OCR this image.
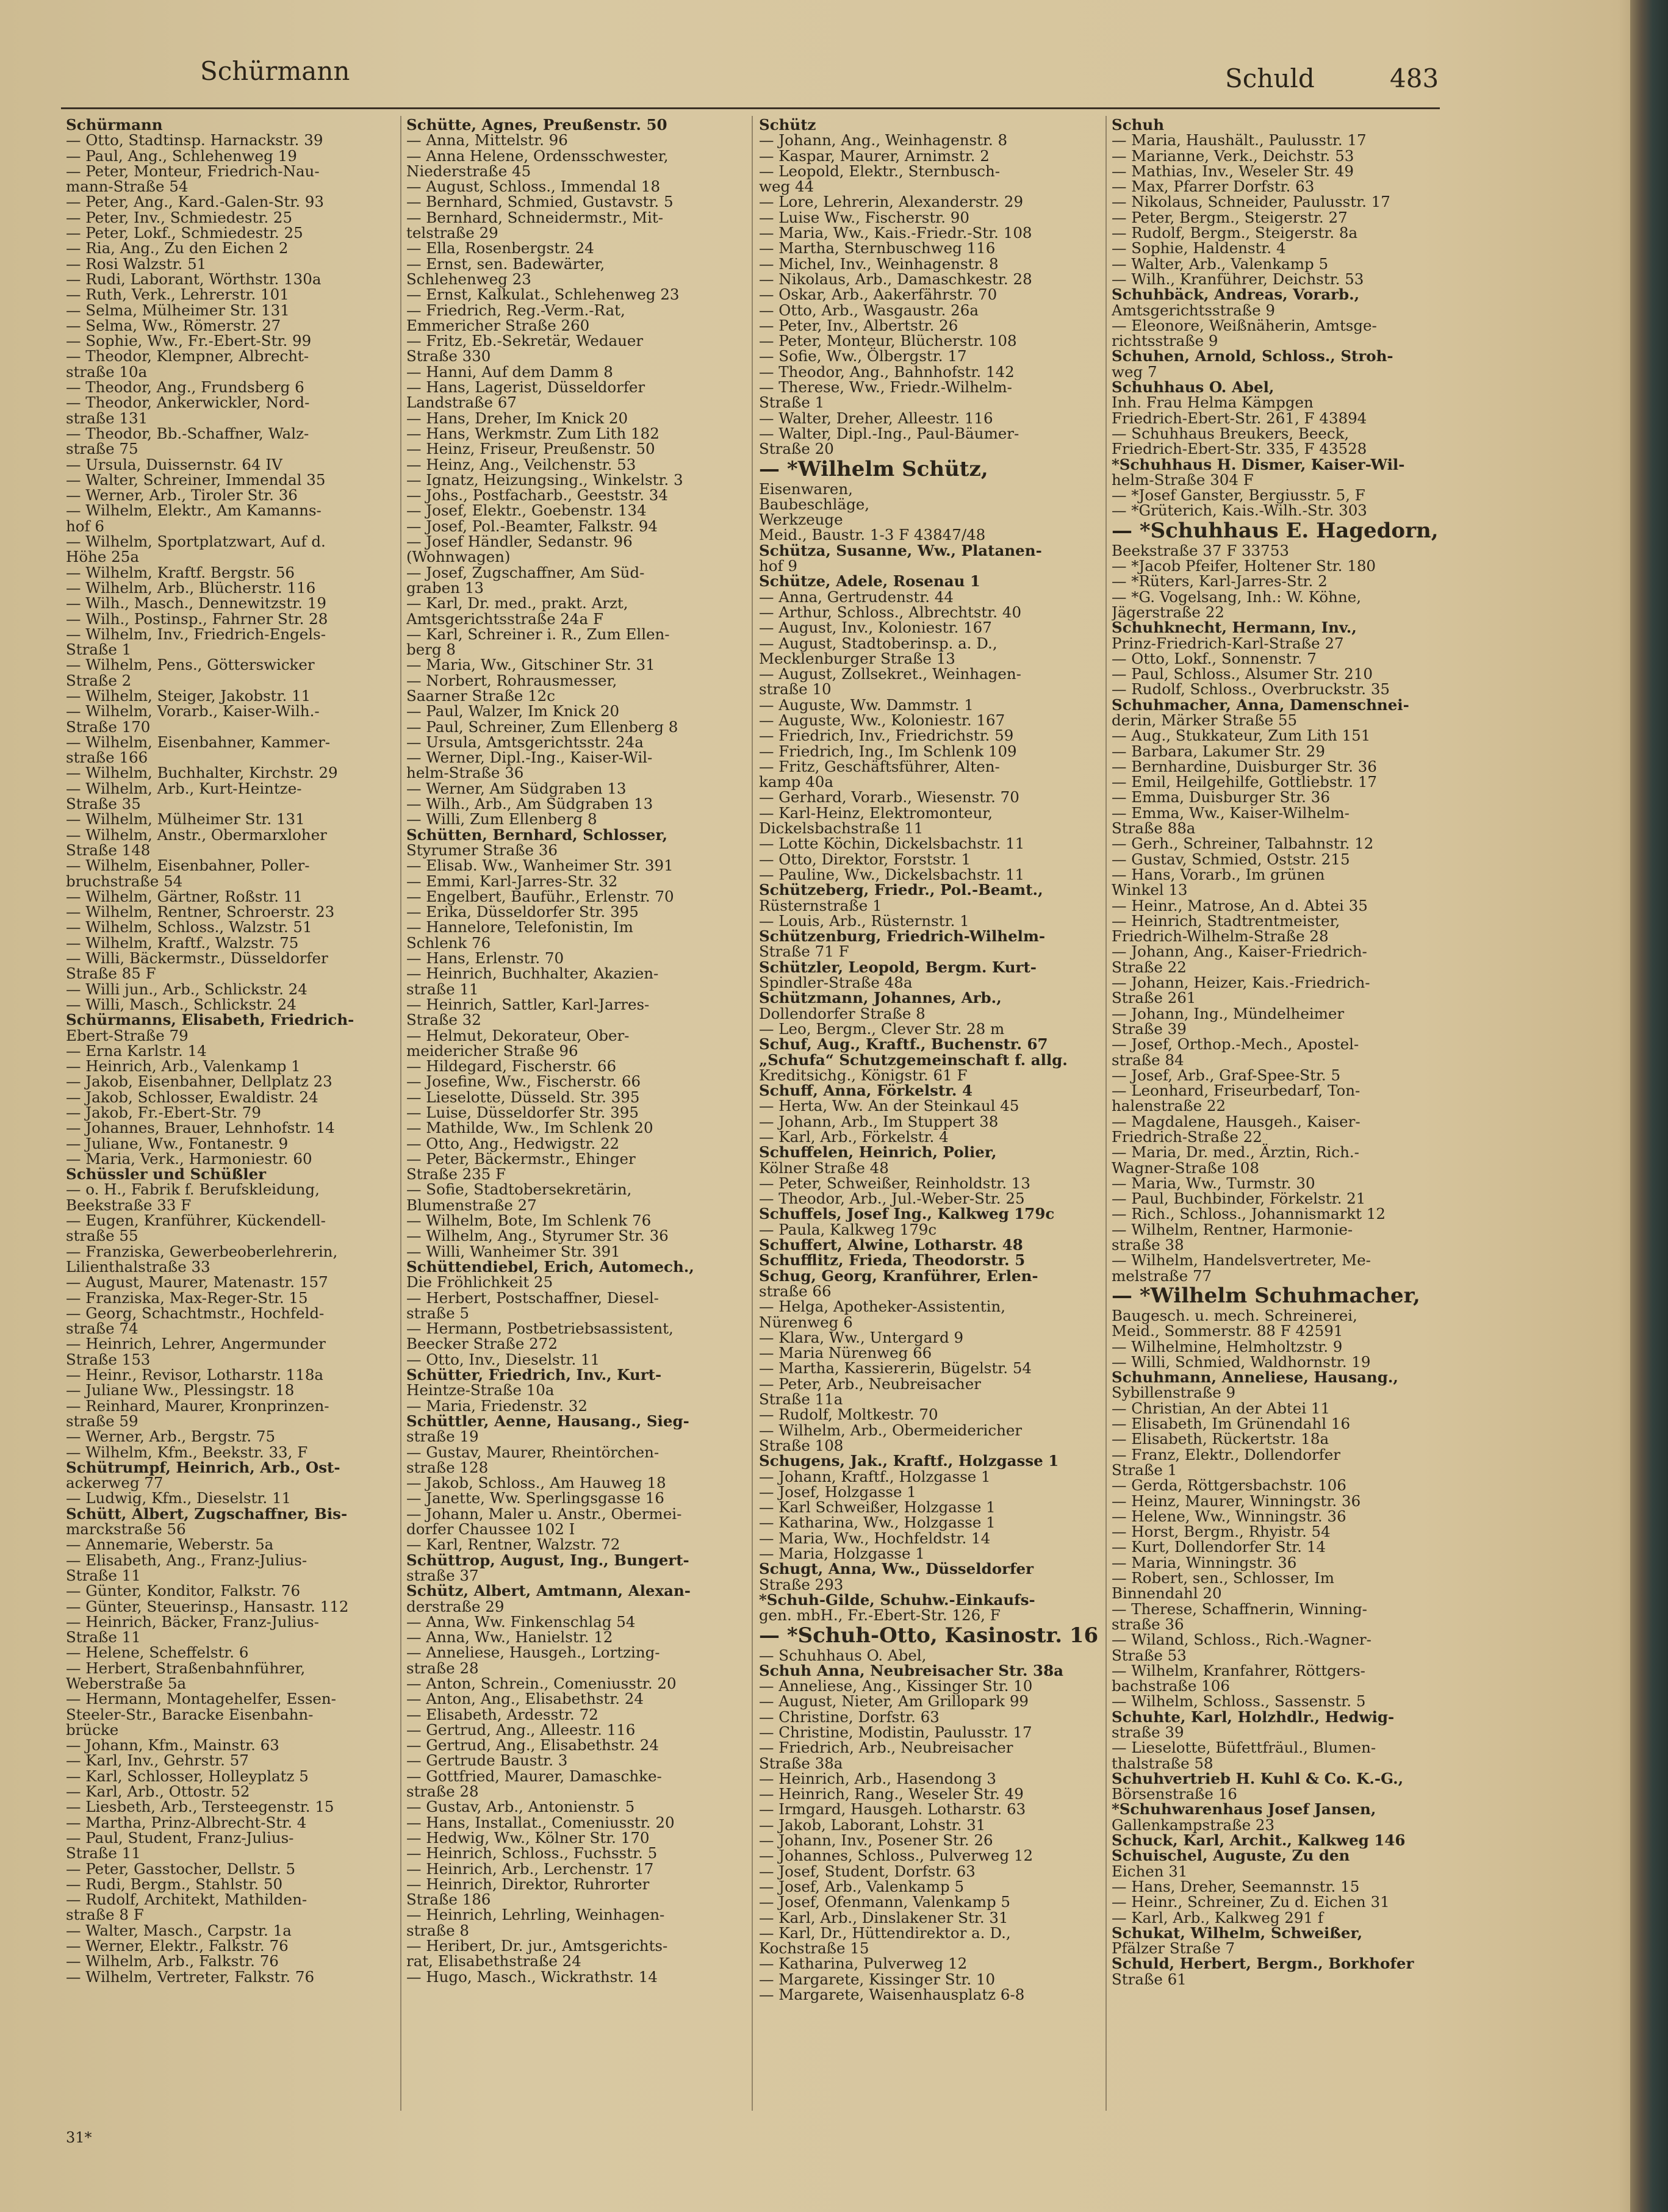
Schürmann	Schuld	483
Schürmann
— Otto, Stadtinsp. Harnackstr. 39
— Paul, Ang., Schlehenweg 19
— Peter, Monteur, Friedrich-Nau-
mann-Straße 54
— Peter, Ang., Kard.-Galen-Str. 93
— Peter, Inv., Schmiedestr. 25
— Peter, Lokf., Schmiedestr. 25
— Ria, Ang., Zu den Eichen 2
— Rosi Walzstr. 51
— Rudi, Laborant, Wörthstr. 130a
— Ruth, Verk., Lehrerstr. 101
— Selma, Mülheimer Str. 131
— Selma, Ww., Römerstr. 27
— Sophie, Ww., Fr.-Ebert-Str. 99
— Theodor, Klempner, Albrecht-
straße 10a
— Theodor, Ang., Frundsberg 6
— Theodor, Ankerwickler, Nord-
straße 131
— Theodor, Bb.-Schaffner, Walz-
straße 75
— Ursula, Duissernstr. 64 IV
— Walter, Schreiner, Immendal 35
— Werner, Arb., Tiroler Str. 36
— Wilhelm, Elektr., Am Kamanns-
hof 6
— Wilhelm, Sportplatzwart, Auf d.
Höhe 25a
— Wilhelm, Kraftf. Bergstr. 56
— Wilhelm, Arb., Blücherstr. 116
— Wilh., Masch., Dennewitzstr. 19
— Wilh., Postinsp., Fahrner Str. 28
— Wilhelm, Inv., Friedrich-Engels-
Straße 1
— Wilhelm, Pens., Götterswicker
Straße 2
— Wilhelm, Steiger, Jakobstr. 11
— Wilhelm, Vorarb., Kaiser-Wilh.-
Straße 170
— Wilhelm, Eisenbahner, Kammer-
straße 166
— Wilhelm, Buchhalter, Kirchstr. 29
— Wilhelm, Arb., Kurt-Heintze-
Straße 35
— Wilhelm, Mülheimer Str. 131
— Wilhelm, Anstr., Obermarxloher
Straße 148
— Wilhelm, Eisenbahner, Poller-
bruchstraße 54
— Wilhelm, Gärtner, Roßstr. 11
— Wilhelm, Rentner, Schroerstr. 23
— Wilhelm, Schloss., Walzstr. 51
— Wilhelm, Kraftf., Walzstr. 75
— Willi, Bäckermstr., Düsseldorfer
Straße 85 F
— Willi jun., Arb., Schlickstr. 24
— Willi, Masch., Schlickstr. 24
Schürmanns, Elisabeth, Friedrich-
Ebert-Straße 79
— Erna Karlstr. 14
— Heinrich, Arb., Valenkamp 1
— Jakob, Eisenbahner, Dellplatz 23
— Jakob, Schlosser, Ewaldistr. 24
— Jakob, Fr.-Ebert-Str. 79
— Johannes, Brauer, Lehnhofstr. 14
— Juliane, Ww., Fontanestr. 9
— Maria, Verk., Harmoniestr. 60
Schüssler und Schüßler
— o. H., Fabrik f. Berufskleidung,
Beekstraße 33 F
— Eugen, Kranführer, Kückendell-
straße 55
— Franziska, Gewerbeoberlehrerin,
Lilienthalstraße 33
— August, Maurer, Matenastr. 157
— Franziska, Max-Reger-Str. 15
— Georg, Schachtmstr., Hochfeld-
straße 74
— Heinrich, Lehrer, Angermunder
Straße 153
— Heinr., Revisor, Lotharstr. 118a
— Juliane Ww., Plessingstr. 18
— Reinhard, Maurer, Kronprinzen-
straße 59
— Werner, Arb., Bergstr. 75
— Wilhelm, Kfm., Beekstr. 33, F
Schütrumpf, Heinrich, Arb., Ost-
ackerweg 77
— Ludwig, Kfm., Dieselstr. 11
Schütt, Albert, Zugschaffner, Bis-
marckstraße 56
— Annemarie, Weberstr. 5a
— Elisabeth, Ang., Franz-Julius-
Straße 11
— Günter, Konditor, Falkstr. 76
— Günter, Steuerinsp., Hansastr. 112
— Heinrich, Bäcker, Franz-Julius-
Straße 11
— Helene, Scheffelstr. 6
— Herbert, Straßenbahnführer,
Weberstraße 5a
— Hermann, Montagehelfer, Essen-
Steeler-Str., Baracke Eisenbahn-
brücke
— Johann, Kfm., Mainstr. 63
— Karl, Inv., Gehrstr. 57
— Karl, Schlosser, Holleyplatz 5
— Karl, Arb., Ottostr. 52
— Liesbeth, Arb., Tersteegenstr. 15
— Martha, Prinz-Albrecht-Str. 4
— Paul, Student, Franz-Julius-
Straße 11
— Peter, Gasstocher, Dellstr. 5
— Rudi, Bergm., Stahlstr. 50
— Rudolf, Architekt, Mathilden-
straße 8 F
— Walter, Masch., Carpstr. 1a
— Werner, Elektr., Falkstr. 76
— Wilhelm, Arb., Falkstr. 76
— Wilhelm, Vertreter, Falkstr. 76
Schütte, Agnes, Preußenstr. 50
— Anna, Mittelstr. 96
— Anna Helene, Ordensschwester,
Niederstraße 45
— August, Schloss., Immendal 18
— Bernhard, Schmied, Gustavstr. 5
— Bernhard, Schneidermstr., Mit-
telstraße 29
— Ella, Rosenbergstr. 24
— Ernst, sen. Badewärter,
Schlehenweg 23
— Ernst, Kalkulat., Schlehenweg 23
— Friedrich, Reg.-Verm.-Rat,
Emmericher Straße 260
— Fritz, Eb.-Sekretär, Wedauer
Straße 330
— Hanni, Auf dem Damm 8
— Hans, Lagerist, Düsseldorfer
Landstraße 67
— Hans, Dreher, Im Knick 20
— Hans, Werkmstr. Zum Lith 182
— Heinz, Friseur, Preußenstr. 50
— Heinz, Ang., Veilchenstr. 53
— Ignatz, Heizungsing., Winkelstr. 3
— Johs., Postfacharb., Geeststr. 34
— Josef, Elektr., Goebenstr. 134
— Josef, Pol.-Beamter, Falkstr. 94
— Josef Händler, Sedanstr. 96
(Wohnwagen)
— Josef, Zugschaffner, Am Süd-
graben 13
— Karl, Dr. med., prakt. Arzt,
Amtsgerichtsstraße 24a F
— Karl, Schreiner i. R., Zum Ellen-
berg 8
— Maria, Ww., Gitschiner Str. 31
— Norbert, Rohrausmesser,
Saarner Straße 12c
— Paul, Walzer, Im Knick 20
— Paul, Schreiner, Zum Ellenberg 8
— Ursula, Amtsgerichtsstr. 24a
— Werner, Dipl.-Ing., Kaiser-Wil-
helm-Straße 36
— Werner, Am Südgraben 13
— Wilh., Arb., Am Südgraben 13
— Willi, Zum Ellenberg 8
Schütten, Bernhard, Schlosser,
Styrumer Straße 36
— Elisab. Ww., Wanheimer Str. 391
— Emmi, Karl-Jarres-Str. 32
— Engelbert, Bauführ., Erlenstr. 70
— Erika, Düsseldorfer Str. 395
— Hannelore, Telefonistin, Im
Schlenk 76
— Hans, Erlenstr. 70
— Heinrich, Buchhalter, Akazien-
straße 11
— Heinrich, Sattler, Karl-Jarres-
Straße 32
— Helmut, Dekorateur, Ober-
meidericher Straße 96
— Hildegard, Fischerstr. 66
— Josefine, Ww., Fischerstr. 66
— Lieselotte, Düsseld. Str. 395
— Luise, Düsseldorfer Str. 395
— Mathilde, Ww., Im Schlenk 20
— Otto, Ang., Hedwigstr. 22
— Peter, Bäckermstr., Ehinger
Straße 235 F
— Sofie, Stadtobersekretärin,
Blumenstraße 27
— Wilhelm, Bote, Im Schlenk 76
— Wilhelm, Ang., Styrumer Str. 36
— Willi, Wanheimer Str. 391
Schüttendiebel, Erich, Automech.,
Die Fröhlichkeit 25
— Herbert, Postschaffner, Diesel-
straße 5
— Hermann, Postbetriebsassistent,
Beecker Straße 272
— Otto, Inv., Dieselstr. 11
Schütter, Friedrich, Inv., Kurt-
Heintze-Straße 10a
— Maria, Friedenstr. 32
Schüttler, Aenne, Hausang., Sieg-
straße 19
— Gustav, Maurer, Rheintörchen-
straße 128
— Jakob, Schloss., Am Hauweg 18
— Janette, Ww. Sperlingsgasse 16
— Johann, Maler u. Anstr., Obermei-
dorfer Chaussee 102 I
— Karl, Rentner, Walzstr. 72
Schüttrop, August, Ing., Bungert-
straße 37
Schütz, Albert, Amtmann, Alexan-
derstraße 29
— Anna, Ww. Finkenschlag 54
— Anna, Ww., Hanielstr. 12
— Anneliese, Hausgeh., Lortzing-
straße 28
— Anton, Schrein., Comeniusstr. 20
— Anton, Ang., Elisabethstr. 24
— Elisabeth, Ardesstr. 72
— Gertrud, Ang., Alleestr. 116
— Gertrud, Ang., Elisabethstr. 24
— Gertrude Baustr. 3
— Gottfried, Maurer, Damaschke-
straße 28
— Gustav, Arb., Antonienstr. 5
— Hans, Installat., Comeniusstr. 20
— Hedwig, Ww., Kölner Str. 170
— Heinrich, Schloss., Fuchsstr. 5
— Heinrich, Arb., Lerchenstr. 17
— Heinrich, Direktor, Ruhrorter
Straße 186
— Heinrich, Lehrling, Weinhagen-
straße 8
— Heribert, Dr. jur., Amtsgerichts-
rat, Elisabethstraße 24
— Hugo, Masch., Wickrathstr. 14
Schütz
— Johann, Ang., Weinhagenstr. 8
— Kaspar, Maurer, Arnimstr. 2
— Leopold, Elektr., Sternbusch-
weg 44
— Lore, Lehrerin, Alexanderstr. 29
— Luise Ww., Fischerstr. 90
— Maria, Ww., Kais.-Friedr.-Str. 108
— Martha, Sternbuschweg 116
— Michel, Inv., Weinhagenstr. 8
— Nikolaus, Arb., Damaschkestr. 28
— Oskar, Arb., Aakerfährstr. 70
— Otto, Arb., Wasgaustr. 26a
— Peter, Inv., Albertstr. 26
— Peter, Monteur, Blücherstr. 108
— Sofie, Ww., Ölbergstr. 17
— Theodor, Ang., Bahnhofstr. 142
— Therese, Ww., Friedr.-Wilhelm-
Straße 1
— Walter, Dreher, Alleestr. 116
— Walter, Dipl.-Ing., Paul-Bäumer-
Straße 20
— *Wilhelm Schütz,
Eisenwaren,
Baubeschläge,
Werkzeuge
Meid., Baustr. 1-3 F 43847/48
Schütza, Susanne, Ww., Platanen-
hof 9
Schütze, Adele, Rosenau 1
— Anna, Gertrudenstr. 44
— Arthur, Schloss., Albrechtstr. 40
— August, Inv., Koloniestr. 167
— August, Stadtoberinsp. a. D.,
Mecklenburger Straße 13
— August, Zollsekret., Weinhagen-
straße 10
— Auguste, Ww. Dammstr. 1
— Auguste, Ww., Koloniestr. 167
— Friedrich, Inv., Friedrichstr. 59
— Friedrich, Ing., Im Schlenk 109
— Fritz, Geschäftsführer, Alten-
kamp 40a
— Gerhard, Vorarb., Wiesenstr. 70
— Karl-Heinz, Elektromonteur,
Dickelsbachstraße 11
— Lotte Köchin, Dickelsbachstr. 11
— Otto, Direktor, Forststr. 1
— Pauline, Ww., Dickelsbachstr. 11
Schützeberg, Friedr., Pol.-Beamt.,
Rüsternstraße 1
— Louis, Arb., Rüsternstr. 1
Schützenburg, Friedrich-Wilhelm-
Straße 71 F
Schützler, Leopold, Bergm. Kurt-
Spindler-Straße 48a
Schützmann, Johannes, Arb.,
Dollendorfer Straße 8
— Leo, Bergm., Clever Str. 28 m
Schuf, Aug., Kraftf., Buchenstr. 67
„Schufa“ Schutzgemeinschaft f. allg.
Kreditsichg., Königstr. 61 F
Schuff, Anna, Förkelstr. 4
— Herta, Ww. An der Steinkaul 45
— Johann, Arb., Im Stuppert 38
— Karl, Arb., Förkelstr. 4
Schuffelen, Heinrich, Polier,
Kölner Straße 48
— Peter, Schweißer, Reinholdstr. 13
— Theodor, Arb., Jul.-Weber-Str. 25
Schuffels, Josef Ing., Kalkweg 179c
— Paula, Kalkweg 179c
Schuffert, Alwine, Lotharstr. 48
Schufflitz, Frieda, Theodorstr. 5
Schug, Georg, Kranführer, Erlen-
straße 66
— Helga, Apotheker-Assistentin,
Nürenweg 6
— Klara, Ww., Untergard 9
— Maria Nürenweg 66
— Martha, Kassiererin, Bügelstr. 54
— Peter, Arb., Neubreisacher
Straße 11a
— Rudolf, Moltkestr. 70
— Wilhelm, Arb., Obermeidericher
Straße 108
Schugens, Jak., Kraftf., Holzgasse 1
— Johann, Kraftf., Holzgasse 1
— Josef, Holzgasse 1
— Karl Schweißer, Holzgasse 1
— Katharina, Ww., Holzgasse 1
— Maria, Ww., Hochfeldstr. 14
— Maria, Holzgasse 1
Schugt, Anna, Ww., Düsseldorfer
Straße 293
*Schuh-Gilde, Schuhw.-Einkaufs-
gen. mbH., Fr.-Ebert-Str. 126, F
— *Schuh-Otto, Kasinostr. 16
— Schuhhaus O. Abel,
Schuh Anna, Neubreisacher Str. 38a
— Anneliese, Ang., Kissinger Str. 10
— August, Nieter, Am Grillopark 99
— Christine, Dorfstr. 63
— Christine, Modistin, Paulusstr. 17
— Friedrich, Arb., Neubreisacher
Straße 38a
— Heinrich, Arb., Hasendong 3
— Heinrich, Rang., Weseler Str. 49
— Irmgard, Hausgeh. Lotharstr. 63
— Jakob, Laborant, Lohstr. 31
— Johann, Inv., Posener Str. 26
— Johannes, Schloss., Pulverweg 12
— Josef, Student, Dorfstr. 63
— Josef, Arb., Valenkamp 5
— Josef, Ofenmann, Valenkamp 5
— Karl, Arb., Dinslakener Str. 31
— Karl, Dr., Hüttendirektor a. D.,
Kochstraße 15
— Katharina, Pulverweg 12
— Margarete, Kissinger Str. 10
— Margarete, Waisenhausplatz 6-8
Schuh
— Maria, Haushält., Paulusstr. 17
— Marianne, Verk., Deichstr. 53
— Mathias, Inv., Weseler Str. 49
— Max, Pfarrer Dorfstr. 63
— Nikolaus, Schneider, Paulusstr. 17
— Peter, Bergm., Steigerstr. 27
— Rudolf, Bergm., Steigerstr. 8a
— Sophie, Haldenstr. 4
— Walter, Arb., Valenkamp 5
— Wilh., Kranführer, Deichstr. 53
Schuhbäck, Andreas, Vorarb.,
Amtsgerichtsstraße 9
— Eleonore, Weißnäherin, Amtsge-
richtsstraße 9
Schuhen, Arnold, Schloss., Stroh-
weg 7
Schuhhaus O. Abel,
Inh. Frau Helma Kämpgen
Friedrich-Ebert-Str. 261, F 43894
— Schuhhaus Breukers, Beeck,
Friedrich-Ebert-Str. 335, F 43528
*Schuhhaus H. Dismer, Kaiser-Wil-
helm-Straße 304 F
— *Josef Ganster, Bergiusstr. 5, F
— *Grüterich, Kais.-Wilh.-Str. 303
— *Schuhhaus E. Hagedorn,
Beekstraße 37 F 33753
— *Jacob Pfeifer, Holtener Str. 180
— *Rüters, Karl-Jarres-Str. 2
— *G. Vogelsang, Inh.: W. Köhne,
Jägerstraße 22
Schuhknecht, Hermann, Inv.,
Prinz-Friedrich-Karl-Straße 27
— Otto, Lokf., Sonnenstr. 7
— Paul, Schloss., Alsumer Str. 210
— Rudolf, Schloss., Overbruckstr. 35
Schuhmacher, Anna, Damenschnei-
derin, Märker Straße 55
— Aug., Stukkateur, Zum Lith 151
— Barbara, Lakumer Str. 29
— Bernhardine, Duisburger Str. 36
— Emil, Heilgehilfe, Gottliebstr. 17
— Emma, Duisburger Str. 36
— Emma, Ww., Kaiser-Wilhelm-
Straße 88a
— Gerh., Schreiner, Talbahnstr. 12
— Gustav, Schmied, Oststr. 215
— Hans, Vorarb., Im grünen
Winkel 13
— Heinr., Matrose, An d. Abtei 35
— Heinrich, Stadtrentmeister,
Friedrich-Wilhelm-Straße 28
— Johann, Ang., Kaiser-Friedrich-
Straße 22
— Johann, Heizer, Kais.-Friedrich-
Straße 261
— Johann, Ing., Mündelheimer
Straße 39
— Josef, Orthop.-Mech., Apostel-
straße 84
— Josef, Arb., Graf-Spee-Str. 5
— Leonhard, Friseurbedarf, Ton-
halenstraße 22
— Magdalene, Hausgeh., Kaiser-
Friedrich-Straße 22
— Maria, Dr. med., Ärztin, Rich.-
Wagner-Straße 108
— Maria, Ww., Turmstr. 30
— Paul, Buchbinder, Förkelstr. 21
— Rich., Schloss., Johannismarkt 12
— Wilhelm, Rentner, Harmonie-
straße 38
— Wilhelm, Handelsvertreter, Me-
melstraße 77
— *Wilhelm Schuhmacher,
Baugesch. u. mech. Schreinerei,
Meid., Sommerstr. 88 F 42591
— Wilhelmine, Helmholtzstr. 9
— Willi, Schmied, Waldhornstr. 19
Schuhmann, Anneliese, Hausang.,
Sybillenstraße 9
— Christian, An der Abtei 11
— Elisabeth, Im Grünendahl 16
— Elisabeth, Rückertstr. 18a
— Franz, Elektr., Dollendorfer
Straße 1
— Gerda, Röttgersbachstr. 106
— Heinz, Maurer, Winningstr. 36
— Helene, Ww., Winningstr. 36
— Horst, Bergm., Rhyistr. 54
— Kurt, Dollendorfer Str. 14
— Maria, Winningstr. 36
— Robert, sen., Schlosser, Im
Binnendahl 20
— Therese, Schaffnerin, Winning-
straße 36
— Wiland, Schloss., Rich.-Wagner-
Straße 53
— Wilhelm, Kranfahrer, Röttgers-
bachstraße 106
— Wilhelm, Schloss., Sassenstr. 5
Schuhte, Karl, Holzhdlr., Hedwig-
straße 39
— Lieselotte, Büfettfräul., Blumen-
thalstraße 58
Schuhvertrieb H. Kuhl & Co. K.-G.,
Börsenstraße 16
*Schuhwarenhaus Josef Jansen,
Gallenkampstraße 23
Schuck, Karl, Archit., Kalkweg 146
Schuischel, Auguste, Zu den
Eichen 31
— Hans, Dreher, Seemannstr. 15
— Heinr., Schreiner, Zu d. Eichen 31
— Karl, Arb., Kalkweg 291 f
Schukat, Wilhelm, Schweißer,
Pfälzer Straße 7
Schuld, Herbert, Bergm., Borkhofer
Straße 61
31*
